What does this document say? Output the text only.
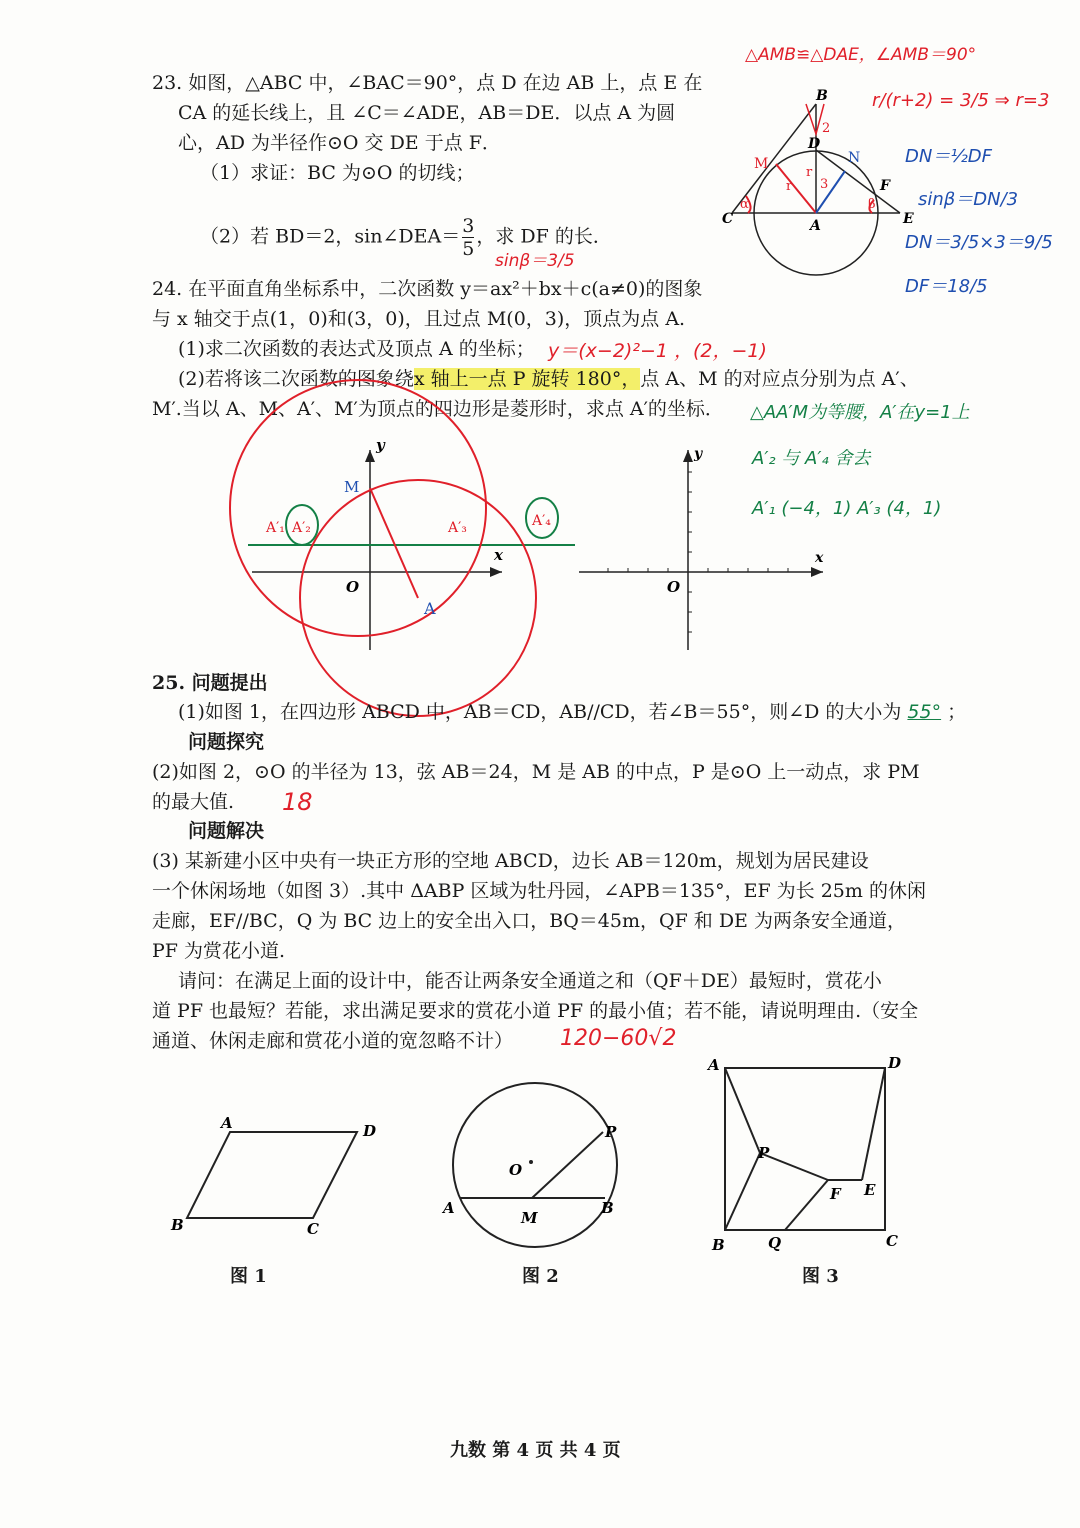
23. 如图，△ABC 中，∠BAC＝90°，点 D 在边 AB 上，点 E 在
CA 的延长线上，且 ∠C＝∠ADE，AB＝DE．以点 A 为圆
心，AD 为半径作⊙O 交 DE 于点 F．
（1）求证：BC 为⊙O 的切线；
（2）若 BD＝2，sin∠DEA＝ $\frac{3}{5}$ ，求 DF 的长．
sinβ＝3/5
B
D
M	N
F
C	A	E
2
α
r
r
3
β
△AMB≌△DAE，∠AMB＝90°
r/(r+2) = 3/5 ⇒ r=3
DN＝½DF
sinβ＝DN/3
DN＝3/5×3＝9/5
DF＝18/5
24. 在平面直角坐标系中，二次函数 y＝ax²＋bx＋c(a≠0)的图象
与 x 轴交于点(1，0)和(3，0)，且过点 M(0，3)，顶点为点 A.
(1)求二次函数的表达式及顶点 A 的坐标； y＝(x−2)²−1 ，(2，−1)
(2)若将该二次函数的图象绕x 轴上一点 P 旋转 180°，点 A、M 的对应点分别为点 A′、
M′.当以 A、M、A′、M′为顶点的四边形是菱形时，求点 A′的坐标． △AA′M为等腰，A′在y=1上
A′₂ 与 A′₄ 舍去
A′₁ (−4，1) A′₃ (4，1)
x
y
O
M
A′₁ A′₂	A′₃	A′₄
A
x
y
O
25. 问题提出
(1)如图 1，在四边形 ABCD 中，AB＝CD，AB//CD，若∠B＝55°，则∠D 的大小为 55° ；
问题探究
(2)如图 2，⊙O 的半径为 13，弦 AB＝24，M 是 AB 的中点，P 是⊙O 上一动点，求 PM
的最大值. 18
问题解决
(3) 某新建小区中央有一块正方形的空地 ABCD，边长 AB＝120m，规划为居民建设
一个休闲场地（如图 3）.其中 ΔABP 区域为牡丹园，∠APB＝135°，EF 为长 25m 的休闲
走廊，EF//BC，Q 为 BC 边上的安全出入口，BQ＝45m，QF 和 DE 为两条安全通道，
PF 为赏花小道.
请问：在满足上面的设计中，能否让两条安全通道之和（QF＋DE）最短时，赏花小
道 PF 也最短？若能，求出满足要求的赏花小道 PF 的最小值；若不能，请说明理由.（安全
通道、休闲走廊和赏花小道的宽忽略不计） 120−60√2
A	D
B	C
图 1
O
P
A
M
B
图 2
A	D
P
F E
B	Q	C
图 3
九数 第 4 页 共 4 页
